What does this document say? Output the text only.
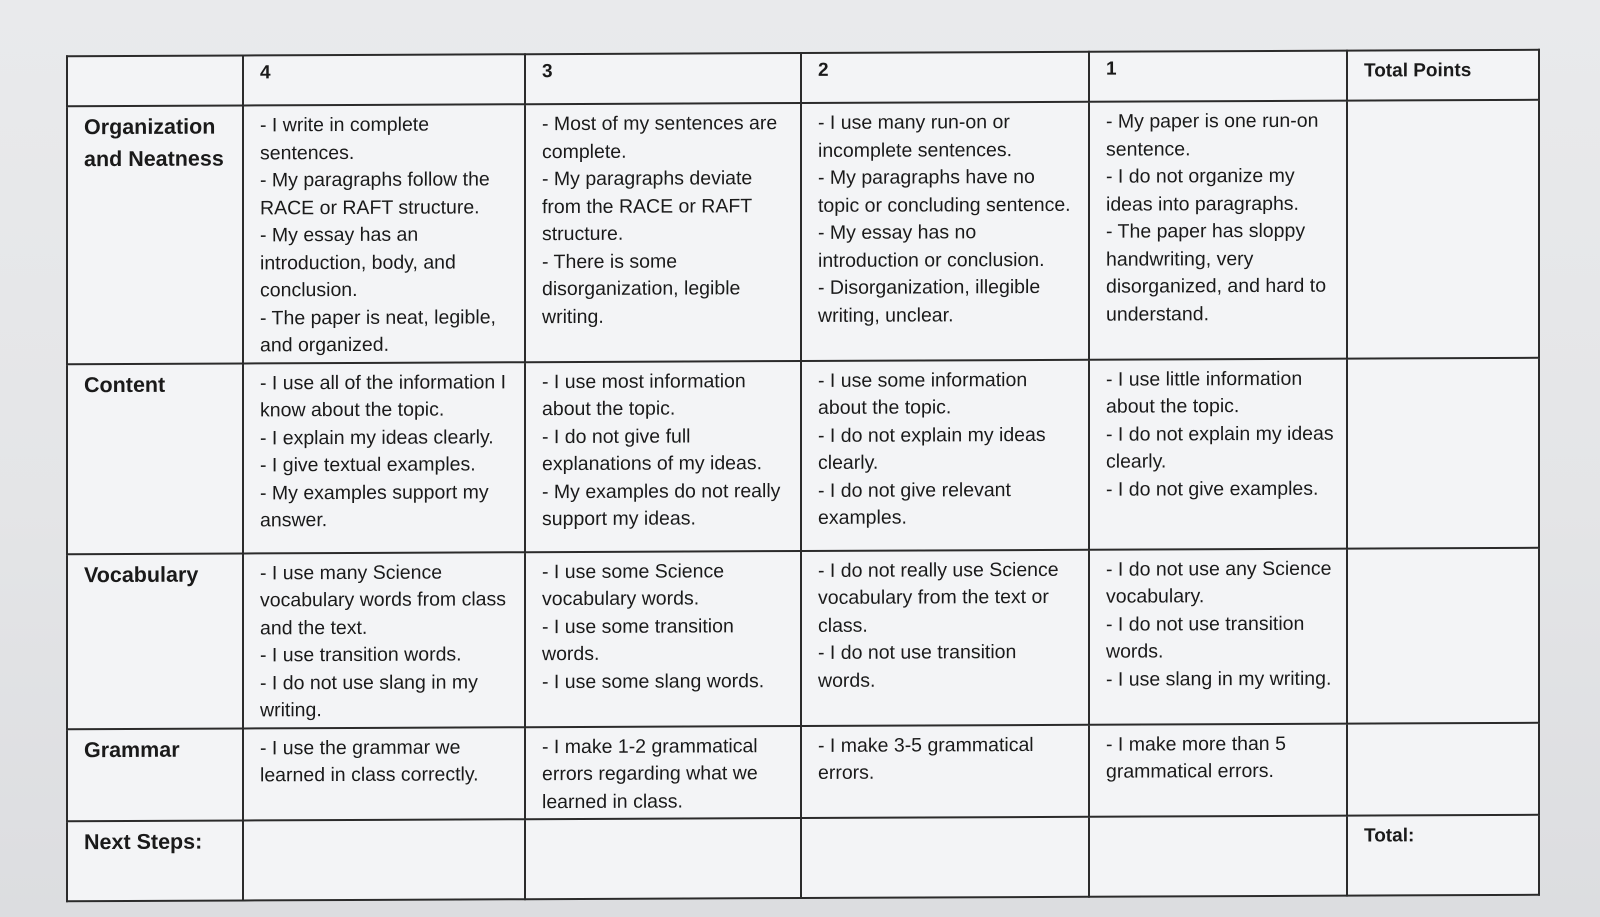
	4	3	2	1	Total Points

Organization
and Neatness	- I write in complete sentences.
- My paragraphs follow the RACE or RAFT structure.
- My essay has an introduction, body, and conclusion.
- The paper is neat, legible, and organized.	- Most of my sentences are complete.
- My paragraphs deviate from the RACE or RAFT structure.
- There is some disorganization, legible writing.	- I use many run-on or incomplete sentences.
- My paragraphs have no topic or concluding sentence.
- My essay has no introduction or conclusion.
- Disorganization, illegible writing, unclear.	- My paper is one run-on sentence.
- I do not organize my ideas into paragraphs.
- The paper has sloppy handwriting, very disorganized, and hard to understand.	

Content	- I use all of the information I know about the topic.
- I explain my ideas clearly.
- I give textual examples.
- My examples support my answer.	- I use most information about the topic.
- I do not give full explanations of my ideas.
- My examples do not really support my ideas.	- I use some information about the topic.
- I do not explain my ideas clearly.
- I do not give relevant examples.	- I use little information about the topic.
- I do not explain my ideas clearly.
- I do not give examples.	

Vocabulary	- I use many Science vocabulary words from class and the text.
- I use transition words.
- I do not use slang in my writing.	- I use some Science vocabulary words.
- I use some transition words.
- I use some slang words.	- I do not really use Science vocabulary from the text or class.
- I do not use transition words.	- I do not use any Science vocabulary.
- I do not use transition words.
- I use slang in my writing.	

Grammar	- I use the grammar we learned in class correctly.	- I make 1-2 grammatical errors regarding what we learned in class.	- I make 3-5 grammatical errors.	- I make more than 5 grammatical errors.	

Next Steps:					Total:
